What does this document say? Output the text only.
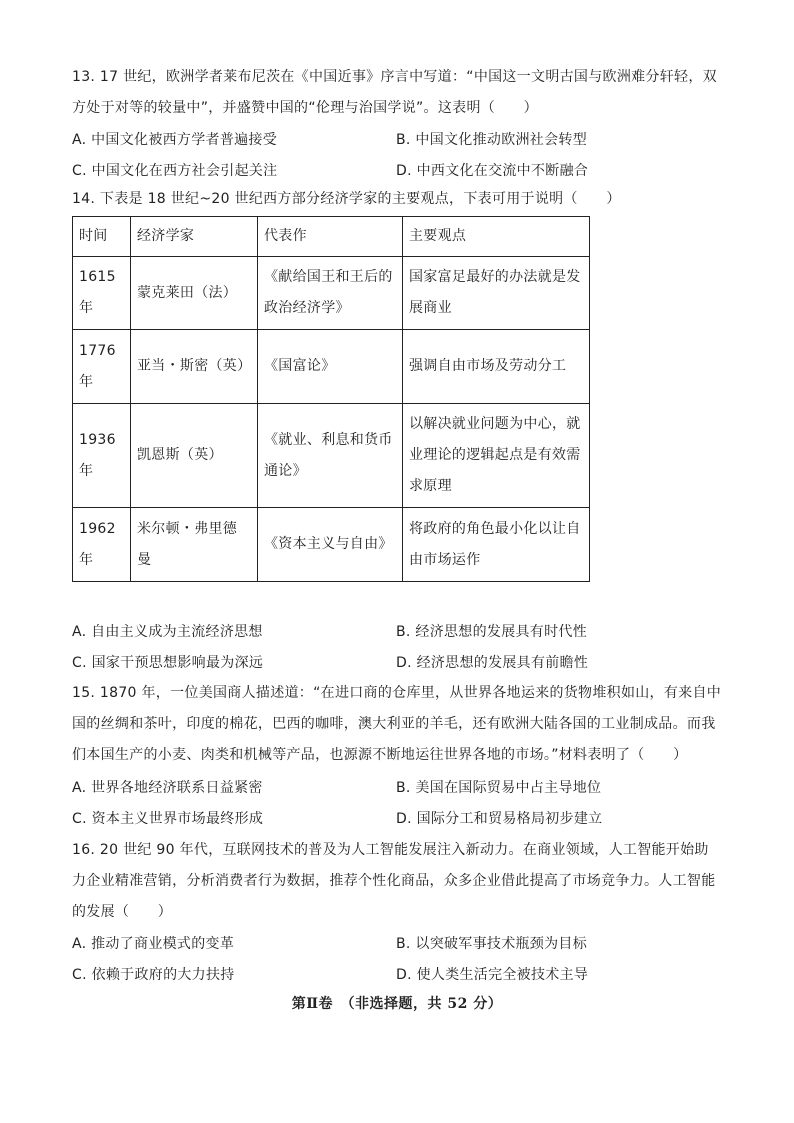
13. 17 世纪，欧洲学者莱布尼茨在《中国近事》序言中写道：“中国这一文明古国与欧洲难分轩轻，双方处于对等的较量中”，并盛赞中国的“伦理与治国学说”。这表明（　　）
A. 中国文化被西方学者普遍接受	B. 中国文化推动欧洲社会转型
C. 中国文化在西方社会引起关注	D. 中西文化在交流中不断融合
14. 下表是 18 世纪~20 世纪西方部分经济学家的主要观点，下表可用于说明（　　）
时间	经济学家	代表作	主要观点
1615 年	蒙克莱田（法）	《献给国王和王后的政治经济学》	国家富足最好的办法就是发展商业
1776 年	亚当・斯密（英）	《国富论》	强调自由市场及劳动分工
1936 年	凯恩斯（英）	《就业、利息和货币通论》	以解决就业问题为中心，就业理论的逻辑起点是有效需求原理
1962 年	米尔顿・弗里德曼	《资本主义与自由》	将政府的角色最小化以让自由市场运作
A. 自由主义成为主流经济思想	B. 经济思想的发展具有时代性
C. 国家干预思想影响最为深远	D. 经济思想的发展具有前瞻性
15. 1870 年，一位美国商人描述道：“在进口商的仓库里，从世界各地运来的货物堆积如山，有来自中国的丝绸和茶叶，印度的棉花，巴西的咖啡，澳大利亚的羊毛，还有欧洲大陆各国的工业制成品。而我们本国生产的小麦、肉类和机械等产品，也源源不断地运往世界各地的市场。”材料表明了（　　）
A. 世界各地经济联系日益紧密	B. 美国在国际贸易中占主导地位
C. 资本主义世界市场最终形成	D. 国际分工和贸易格局初步建立
16. 20 世纪 90 年代，互联网技术的普及为人工智能发展注入新动力。在商业领域，人工智能开始助力企业精准营销，分析消费者行为数据，推荐个性化商品，众多企业借此提高了市场竞争力。人工智能的发展（　　）
A. 推动了商业模式的变革	B. 以突破军事技术瓶颈为目标
C. 依赖于政府的大力扶持	D. 使人类生活完全被技术主导
第Ⅱ卷　（非选择题，共 52 分）
